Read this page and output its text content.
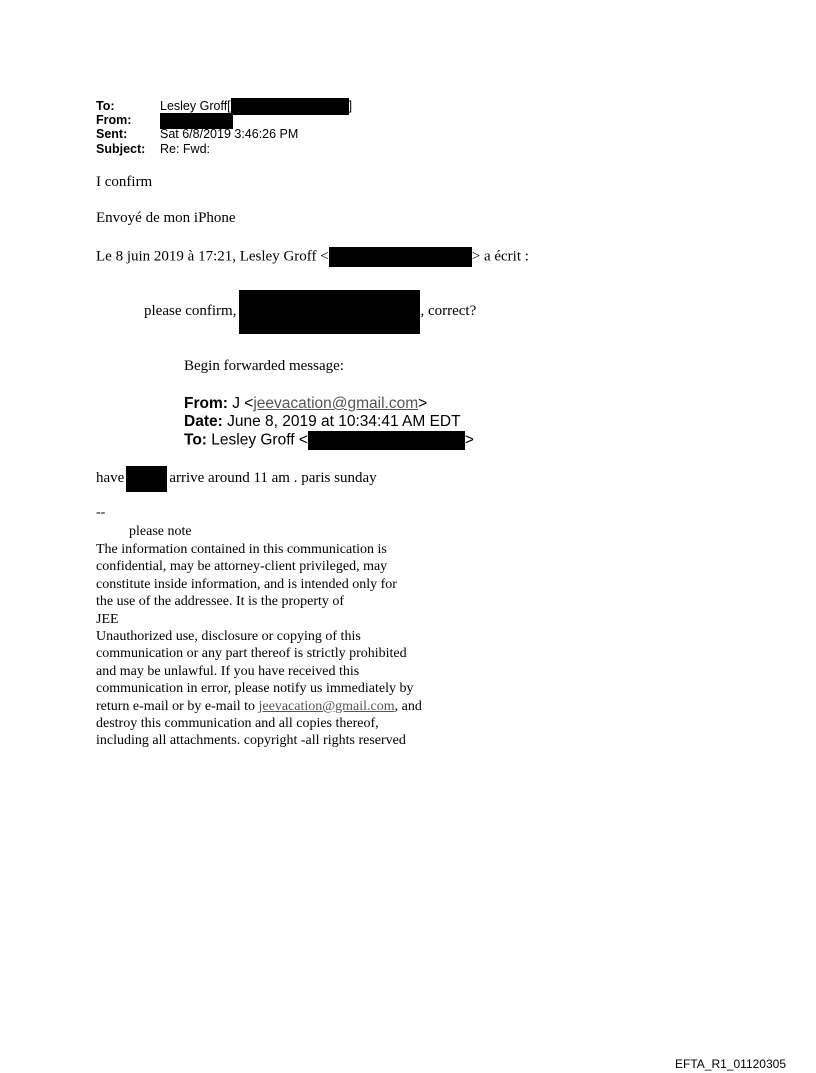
To:	Lesley Groff[	]
From:
Sent:	Sat 6/8/2019 3:46:26 PM
Subject: Re: Fwd:
I confirm
Envoyé de mon iPhone
Le 8 juin 2019 à 17:21, Lesley Groff <	> a écrit :
please confirm,	, correct?
Begin forwarded message:
From: J <jeevacation@gmail.com>
Date: June 8, 2019 at 10:34:41 AM EDT
To: Lesley Groff <	>
have	arrive around 11 am . paris sunday
--
please note
The information contained in this communication is
confidential, may be attorney-client privileged, may
constitute inside information, and is intended only for
the use of the addressee. It is the property of
JEE
Unauthorized use, disclosure or copying of this
communication or any part thereof is strictly prohibited
and may be unlawful. If you have received this
communication in error, please notify us immediately by
return e-mail or by e-mail to jeevacation@gmail.com, and
destroy this communication and all copies thereof,
including all attachments. copyright -all rights reserved
EFTA_R1_01120305
